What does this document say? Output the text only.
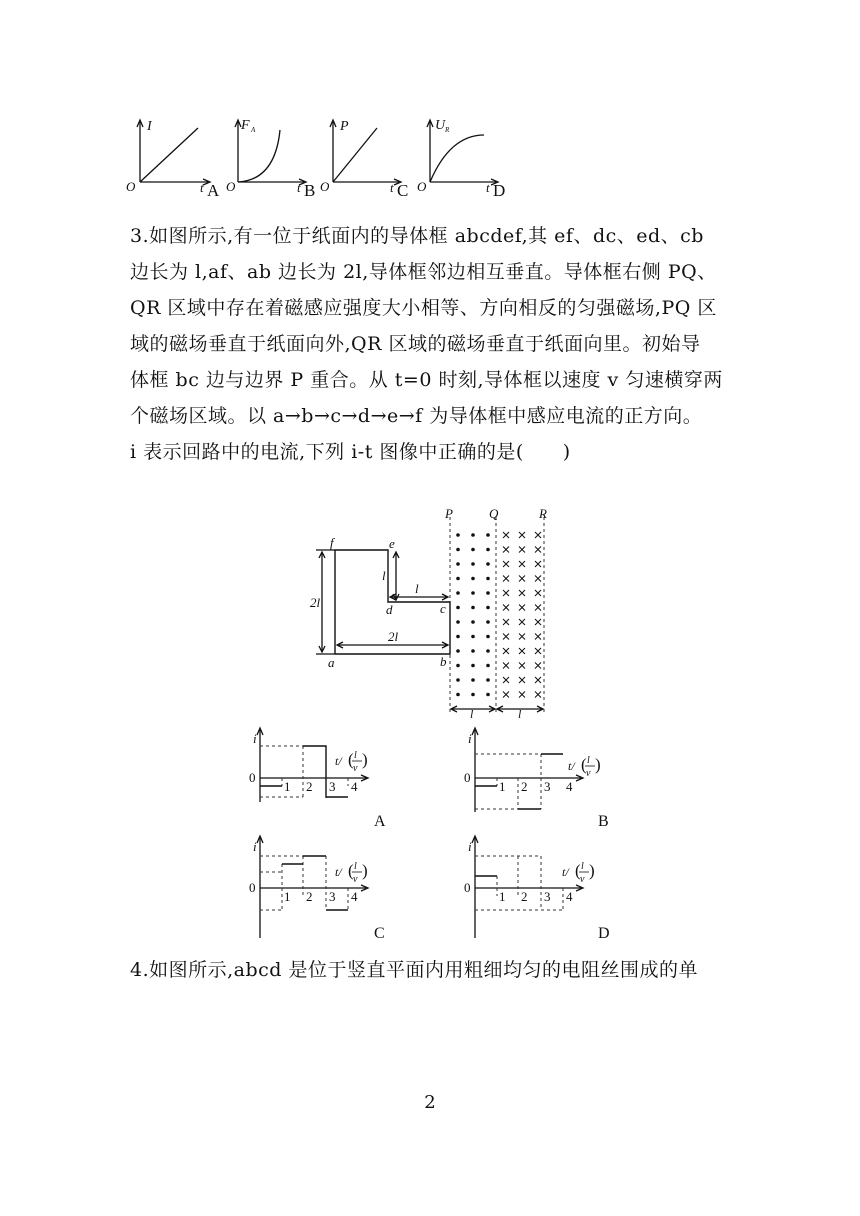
O
I
t A O
F A
t B O
P
t C O
U R
t D
3.如图所示,有一位于纸面内的导体框 abcdef,其 ef、dc、ed、cb
边长为 l,af、ab 边长为 2l,导体框邻边相互垂直。导体框右侧 PQ、
QR 区域中存在着磁感应强度大小相等、方向相反的匀强磁场,PQ 区
域的磁场垂直于纸面向外,QR 区域的磁场垂直于纸面向里。初始导
体框 bc 边与边界 P 重合。从 t=0 时刻,导体框以速度 v 匀速横穿两
个磁场区域。以 a→b→c→d→e→f 为导体框中感应电流的正方向。
i 表示回路中的电流,下列 i-t 图像中正确的是(　　)
P	Q	R
f	e
d	c
a	b
2l
l
l
2l
l	l
i
0
1 2 3 4
t/ ( l
v )
A
i
0
1 2 3 4
t/ ( l
v )
B
i
0
1 2 3 4
t/ ( l
v )
C
i
0
1 2 3 4
t/ ( l
v )
D
4.如图所示,abcd 是位于竖直平面内用粗细均匀的电阻丝围成的单
2
